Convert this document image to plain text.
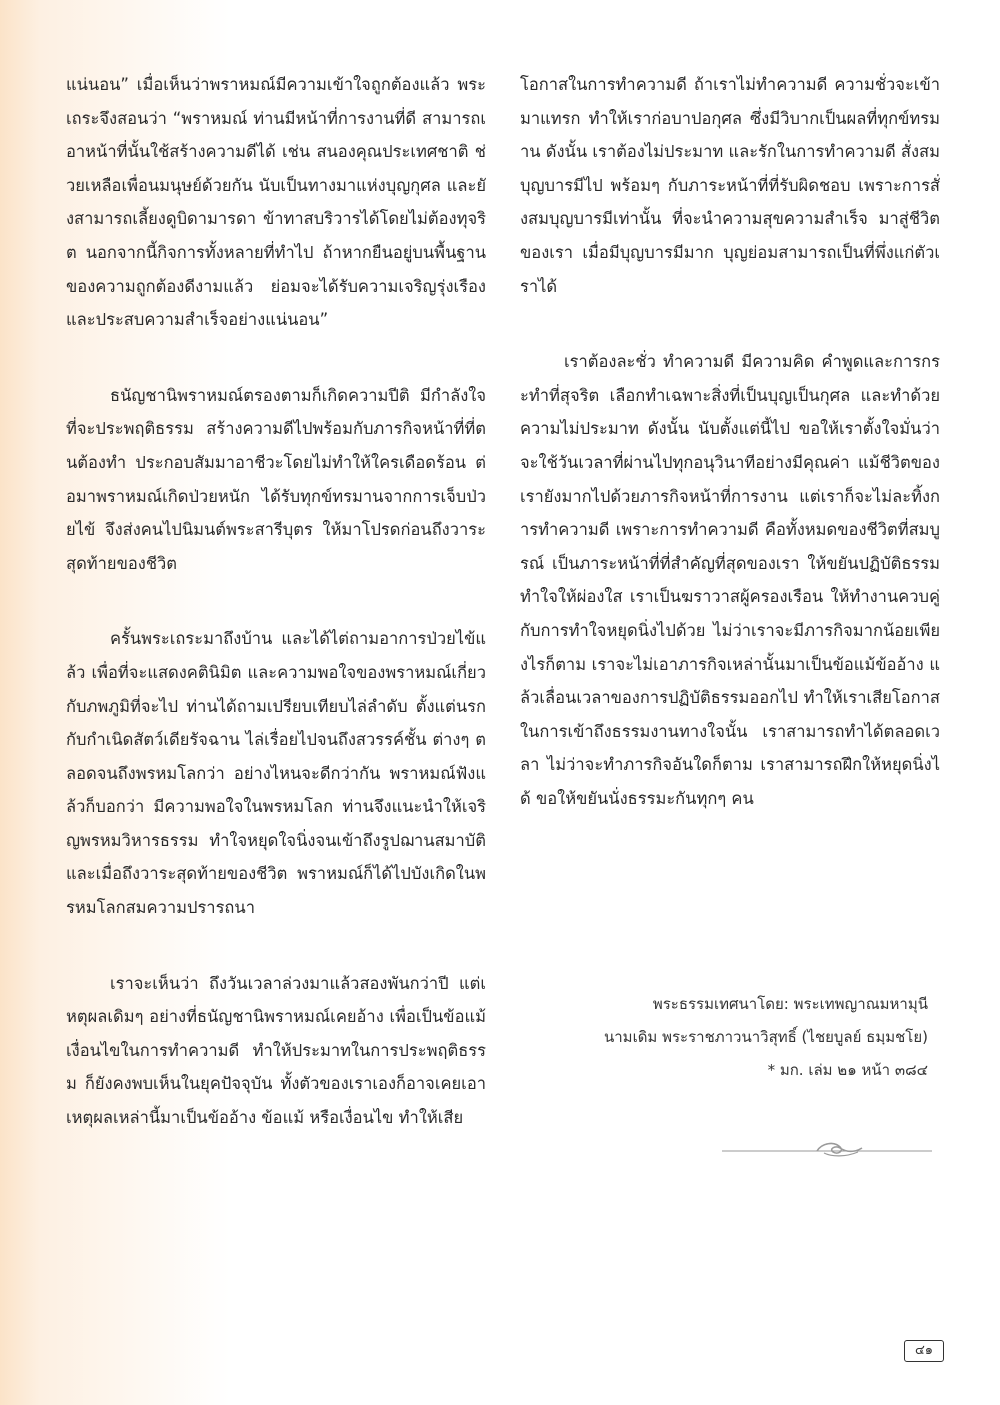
แน่นอน” เมื่อเห็นว่าพราหมณ์มีความเข้าใจถูกต้องแล้ว พระเถระจึงสอนว่า “พราหมณ์ ท่านมีหน้าที่การงานที่ดี สามารถเอาหน้าที่นั้นใช้สร้างความดีได้ เช่น สนองคุณประเทศชาติ ช่วยเหลือเพื่อนมนุษย์ด้วยกัน นับเป็นทางมาแห่งบุญกุศล และยังสามารถเลี้ยงดูบิดามารดา ข้าทาสบริวารได้โดยไม่ต้องทุจริต นอกจากนี้กิจการทั้งหลายที่ทำไป ถ้าหากยืนอยู่บนพื้นฐานของความถูกต้องดีงามแล้ว ย่อมจะได้รับความเจริญรุ่งเรือง และประสบความสำเร็จอย่างแน่นอน”

ธนัญชานิพราหมณ์ตรองตามก็เกิดความปีติ มีกำลังใจที่จะประพฤติธรรม สร้างความดีไปพร้อมกับภารกิจหน้าที่ที่ตนต้องทำ ประกอบสัมมาอาชีวะโดยไม่ทำให้ใครเดือดร้อน ต่อมาพราหมณ์เกิดป่วยหนัก ได้รับทุกข์ทรมานจากการเจ็บป่วยไข้ จึงส่งคนไปนิมนต์พระสารีบุตร ให้มาโปรดก่อนถึงวาระสุดท้ายของชีวิต

ครั้นพระเถระมาถึงบ้าน และได้ไต่ถามอาการป่วยไข้แล้ว เพื่อที่จะแสดงคตินิมิต และความพอใจของพราหมณ์เกี่ยวกับภพภูมิที่จะไป ท่านได้ถามเปรียบเทียบไล่ลำดับ ตั้งแต่นรกกับกำเนิดสัตว์เดียรัจฉาน ไล่เรื่อยไปจนถึงสวรรค์ชั้น ต่างๆ ตลอดจนถึงพรหมโลกว่า อย่างไหนจะดีกว่ากัน พราหมณ์ฟังแล้วก็บอกว่า มีความพอใจในพรหมโลก ท่านจึงแนะนำให้เจริญพรหมวิหารธรรม ทำใจหยุดใจนิ่งจนเข้าถึงรูปฌานสมาบัติ และเมื่อถึงวาระสุดท้ายของชีวิต พราหมณ์ก็ได้ไปบังเกิดในพรหมโลกสมความปรารถนา

เราจะเห็นว่า ถึงวันเวลาล่วงมาแล้วสองพันกว่าปี แต่เหตุผลเดิมๆ อย่างที่ธนัญชานิพราหมณ์เคยอ้าง เพื่อเป็นข้อแม้เงื่อนไขในการทำความดี ทำให้ประมาทในการประพฤติธรรม ก็ยังคงพบเห็นในยุคปัจจุบัน ทั้งตัวของเราเองก็อาจเคยเอาเหตุผลเหล่านี้มาเป็นข้ออ้าง ข้อแม้ หรือเงื่อนไข ทำให้เสีย

โอกาสในการทำความดี ถ้าเราไม่ทำความดี ความชั่วจะเข้ามาแทรก ทำให้เราก่อบาปอกุศล ซึ่งมีวิบากเป็นผลที่ทุกข์ทรมาน ดังนั้น เราต้องไม่ประมาท และรักในการทำความดี สั่งสมบุญบารมีไป พร้อมๆ กับภาระหน้าที่ที่รับผิดชอบ เพราะการสั่งสมบุญบารมีเท่านั้น ที่จะนำความสุขความสำเร็จ มาสู่ชีวิตของเรา เมื่อมีบุญบารมีมาก บุญย่อมสามารถเป็นที่พึ่งแก่ตัวเราได้

เราต้องละชั่ว ทำความดี มีความคิด คำพูดและการกระทำที่สุจริต เลือกทำเฉพาะสิ่งที่เป็นบุญเป็นกุศล และทำด้วยความไม่ประมาท ดังนั้น นับตั้งแต่นี้ไป ขอให้เราตั้งใจมั่นว่า จะใช้วันเวลาที่ผ่านไปทุกอนุวินาทีอย่างมีคุณค่า แม้ชีวิตของเรายังมากไปด้วยภารกิจหน้าที่การงาน แต่เราก็จะไม่ละทิ้งการทำความดี เพราะการทำความดี คือทั้งหมดของชีวิตที่สมบูรณ์ เป็นภาระหน้าที่ที่สำคัญที่สุดของเรา ให้ขยันปฏิบัติธรรม ทำใจให้ผ่องใส เราเป็นฆราวาสผู้ครองเรือน ให้ทำงานควบคู่กับการทำใจหยุดนิ่งไปด้วย ไม่ว่าเราจะมีภารกิจมากน้อยเพียงไรก็ตาม เราจะไม่เอาภารกิจเหล่านั้นมาเป็นข้อแม้ข้ออ้าง แล้วเลื่อนเวลาของการปฏิบัติธรรมออกไป ทำให้เราเสียโอกาสในการเข้าถึงธรรมงานทางใจนั้น เราสามารถทำได้ตลอดเวลา ไม่ว่าจะทำภารกิจอันใดก็ตาม เราสามารถฝึกให้หยุดนิ่งได้ ขอให้ขยันนั่งธรรมะกันทุกๆ คน

พระธรรมเทศนาโดย: พระเทพญาณมหามุนี
นามเดิม พระราชภาวนาวิสุทธิ์ (ไชยบูลย์ ธมฺมชโย)
* มก. เล่ม ๒๑ หน้า ๓๘๔
๔๑
